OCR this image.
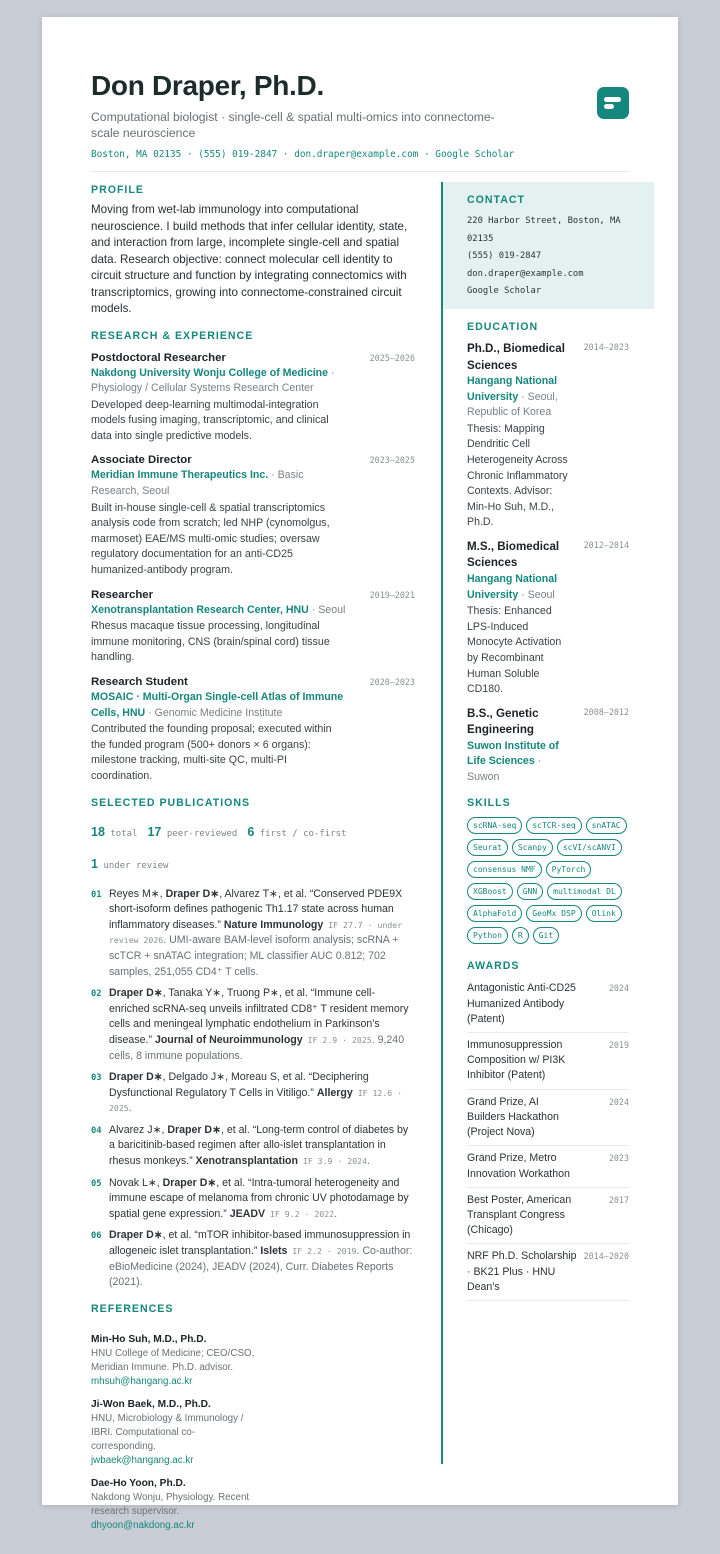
Don Draper, Ph.D.
Computational biologist · single-cell & spatial multi-omics into connectome-scale neuroscience
Boston, MA 02135 · (555) 019-2847 · don.draper@example.com · Google Scholar
PROFILE
Moving from wet-lab immunology into computational neuroscience. I build methods that infer cellular identity, state, and interaction from large, incomplete single-cell and spatial data. Research objective: connect molecular cell identity to circuit structure and function by integrating connectomics with transcriptomics, growing into connectome-constrained circuit models.
RESEARCH & EXPERIENCE
Postdoctoral Researcher	2025–2026
Nakdong University Wonju College of Medicine · Physiology / Cellular Systems Research Center
Developed deep-learning multimodal-integration models fusing imaging, transcriptomic, and clinical data into single predictive models.
Associate Director	2023–2025
Meridian Immune Therapeutics Inc. · Basic Research, Seoul
Built in-house single-cell & spatial transcriptomics analysis code from scratch; led NHP (cynomolgus, marmoset) EAE/MS multi-omic studies; oversaw regulatory documentation for an anti-CD25 humanized-antibody program.
Researcher	2019–2021
Xenotransplantation Research Center, HNU · Seoul
Rhesus macaque tissue processing, longitudinal immune monitoring, CNS (brain/spinal cord) tissue handling.
Research Student	2020–2023
MOSAIC · Multi-Organ Single-cell Atlas of Immune Cells, HNU · Genomic Medicine Institute
Contributed the founding proposal; executed within the funded program (500+ donors × 6 organs): milestone tracking, multi-site QC, multi-PI coordination.
SELECTED PUBLICATIONS
18 total 17 peer-reviewed 6 first / co-first
1 under review
01 Reyes M∗, Draper D∗, Alvarez T∗, et al. “Conserved PDE9X short-isoform defines pathogenic Th1.17 state across human inflammatory diseases.” Nature Immunology IF 27.7 · under review 2026. UMI-aware BAM-level isoform analysis; scRNA + scTCR + snATAC integration; ML classifier AUC 0.812; 702 samples, 251,055 CD4⁺ T cells.
02 Draper D∗, Tanaka Y∗, Truong P∗, et al. “Immune cell-enriched scRNA-seq unveils infiltrated CD8⁺ T resident memory cells and meningeal lymphatic endothelium in Parkinson’s disease.” Journal of Neuroimmunology IF 2.9 · 2025. 9,240 cells, 8 immune populations.
03 Draper D∗, Delgado J∗, Moreau S, et al. “Deciphering Dysfunctional Regulatory T Cells in Vitiligo.” Allergy IF 12.6 · 2025.
04 Alvarez J∗, Draper D∗, et al. “Long-term control of diabetes by a baricitinib-based regimen after allo-islet transplantation in rhesus monkeys.” Xenotransplantation IF 3.9 · 2024.
05 Novak L∗, Draper D∗, et al. “Intra-tumoral heterogeneity and immune escape of melanoma from chronic UV photodamage by spatial gene expression.” JEADV IF 9.2 · 2022.
06 Draper D∗, et al. “mTOR inhibitor-based immunosuppression in allogeneic islet transplantation.” Islets IF 2.2 · 2019. Co-author: eBioMedicine (2024), JEADV (2024), Curr. Diabetes Reports (2021).
REFERENCES
Min-Ho Suh, M.D., Ph.D.
HNU College of Medicine; CEO/CSO, Meridian Immune. Ph.D. advisor.
mhsuh@hangang.ac.kr
Ji-Won Baek, M.D., Ph.D.
HNU, Microbiology & Immunology / IBRI. Computational co-corresponding.
jwbaek@hangang.ac.kr
Dae-Ho Yoon, Ph.D.
Nakdong Wonju, Physiology. Recent research supervisor.
dhyoon@nakdong.ac.kr
CONTACT
220 Harbor Street, Boston, MA 02135
(555) 019-2847
don.draper@example.com
Google Scholar
EDUCATION
Ph.D., Biomedical Sciences
2014–2023
Hangang National University · Seoul, Republic of Korea
Thesis: Mapping Dendritic Cell Heterogeneity Across Chronic Inflammatory Contexts. Advisor: Min-Ho Suh, M.D., Ph.D.
M.S., Biomedical Sciences
2012–2014
Hangang National University · Seoul
Thesis: Enhanced LPS-Induced Monocyte Activation by Recombinant Human Soluble CD180.
B.S., Genetic Engineering
2008–2012
Suwon Institute of Life Sciences · Suwon
SKILLS
scRNA-seq	scTCR-seq	snATAC
Seurat	Scanpy	scVI/scANVI
consensus NMF	PyTorch
XGBoost	GNN	multimodal DL
AlphaFold	GeoMx DSP	Olink
Python	R	Git
AWARDS
Antagonistic Anti-CD25 Humanized Antibody (Patent)
2024
Immunosuppression Composition w/ PI3K Inhibitor (Patent)
2019
Grand Prize, AI Builders Hackathon (Project Nova)
2024
Grand Prize, Metro Innovation Workathon
2023
Best Poster, American Transplant Congress (Chicago)
2017
NRF Ph.D. Scholarship · BK21 Plus · HNU Dean's
2014–2020
